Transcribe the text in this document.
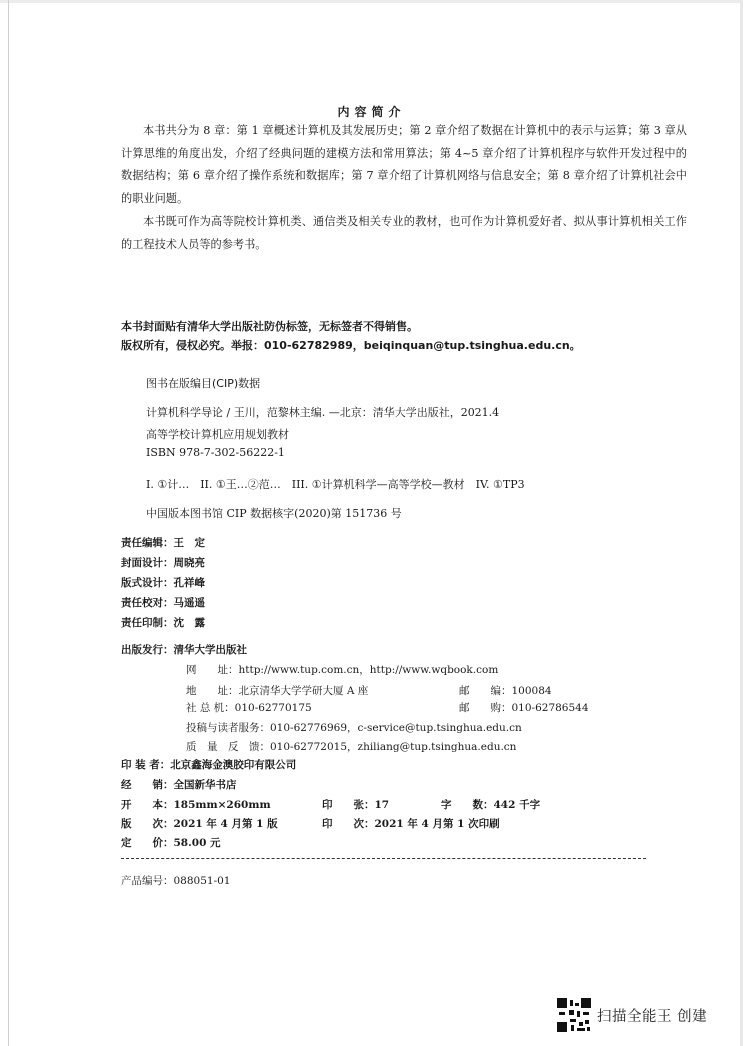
内容简介
本书共分为 8 章：第 1 章概述计算机及其发展历史；第 2 章介绍了数据在计算机中的表示与运算；第 3 章从计算思维的角度出发，介绍了经典问题的建模方法和常用算法；第 4~5 章介绍了计算机程序与软件开发过程中的数据结构；第 6 章介绍了操作系统和数据库；第 7 章介绍了计算机网络与信息安全；第 8 章介绍了计算机社会中的职业问题。
本书既可作为高等院校计算机类、通信类及相关专业的教材，也可作为计算机爱好者、拟从事计算机相关工作的工程技术人员等的参考书。
本书封面贴有清华大学出版社防伪标签，无标签者不得销售。
版权所有，侵权必究。举报：010-62782989，beiqinquan@tup.tsinghua.edu.cn。
图书在版编目(CIP)数据
计算机科学导论 / 王川，范黎林主编. —北京：清华大学出版社，2021.4
高等学校计算机应用规划教材
ISBN 978-7-302-56222-1
I. ①计…　II. ①王…②范…　III. ①计算机科学—高等学校—教材　IV. ①TP3
中国版本图书馆 CIP 数据核字(2020)第 151736 号
责任编辑：王　定
封面设计：周晓亮
版式设计：孔祥峰
责任校对：马遥遥
责任印制：沈　露
出版发行：清华大学出版社
网　　址：http://www.tup.com.cn，http://www.wqbook.com
地　　址：北京清华大学学研大厦 A 座	邮　　编：100084
社 总 机：010-62770175	邮　　购：010-62786544
投稿与读者服务：010-62776969，c-service@tup.tsinghua.edu.cn
质　量　反　馈：010-62772015，zhiliang@tup.tsinghua.edu.cn
印 装 者：北京鑫海金澳胶印有限公司
经　　销：全国新华书店
开　　本：185mm×260mm	印　　张：17	字　　数：442 千字
版　　次：2021 年 4 月第 1 版	印　　次：2021 年 4 月第 1 次印刷
定　　价：58.00 元
产品编号：088051-01
扫描全能王 创建
